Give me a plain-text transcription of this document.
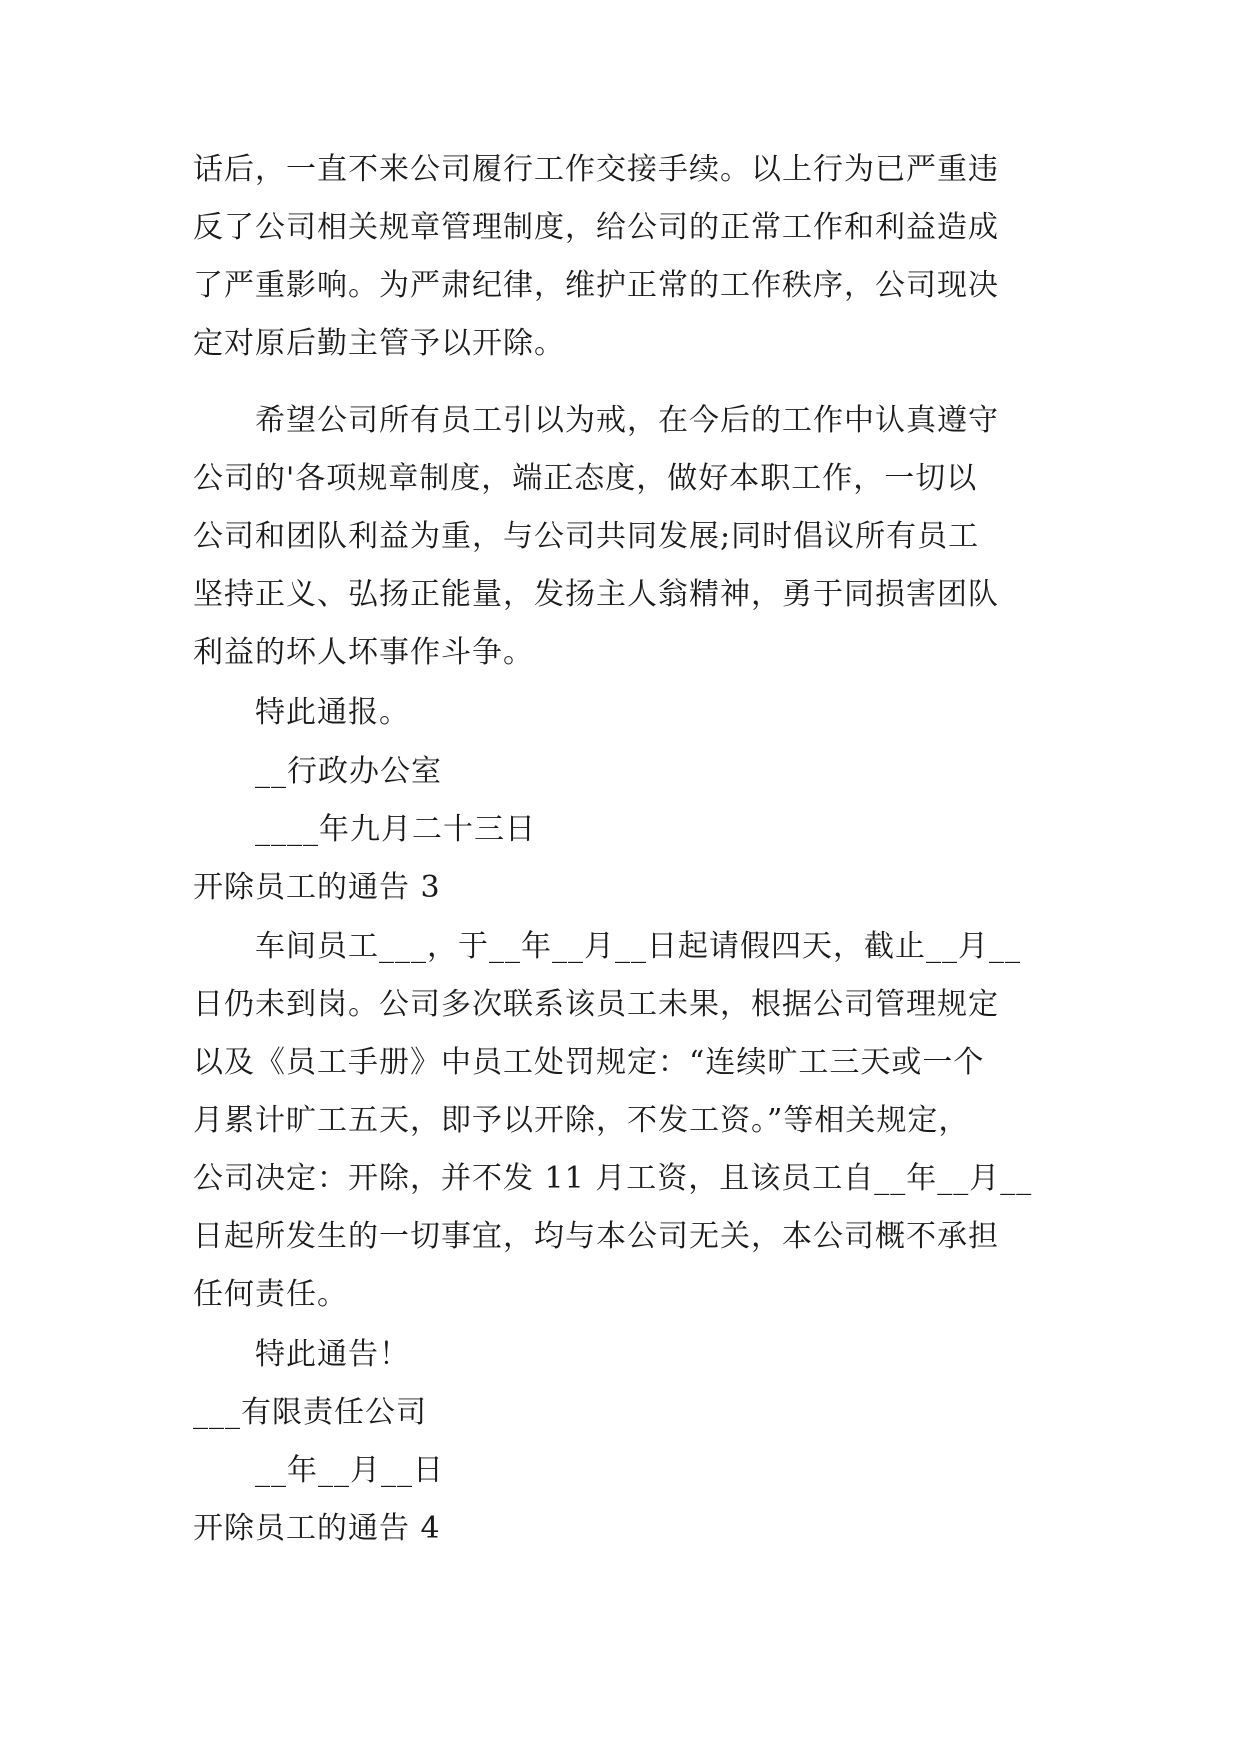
话后，一直不来公司履行工作交接手续。以上行为已严重违
反了公司相关规章管理制度，给公司的正常工作和利益造成
了严重影响。为严肃纪律，维护正常的工作秩序，公司现决
定对原后勤主管予以开除。
希望公司所有员工引以为戒，在今后的工作中认真遵守
公司的'各项规章制度，端正态度，做好本职工作，一切以
公司和团队利益为重，与公司共同发展;同时倡议所有员工
坚持正义、弘扬正能量，发扬主人翁精神，勇于同损害团队
利益的坏人坏事作斗争。
特此通报。
__行政办公室
____年九月二十三日
开除员工的通告 3
车间员工___，于__年__月__日起请假四天，截止__月__
日仍未到岗。公司多次联系该员工未果，根据公司管理规定
以及《员工手册》中员工处罚规定：“连续旷工三天或一个
月累计旷工五天，即予以开除，不发工资。”等相关规定，
公司决定：开除，并不发 11 月工资，且该员工自__年__月__
日起所发生的一切事宜，均与本公司无关，本公司概不承担
任何责任。
特此通告！
___有限责任公司
__年__月__日
开除员工的通告 4
